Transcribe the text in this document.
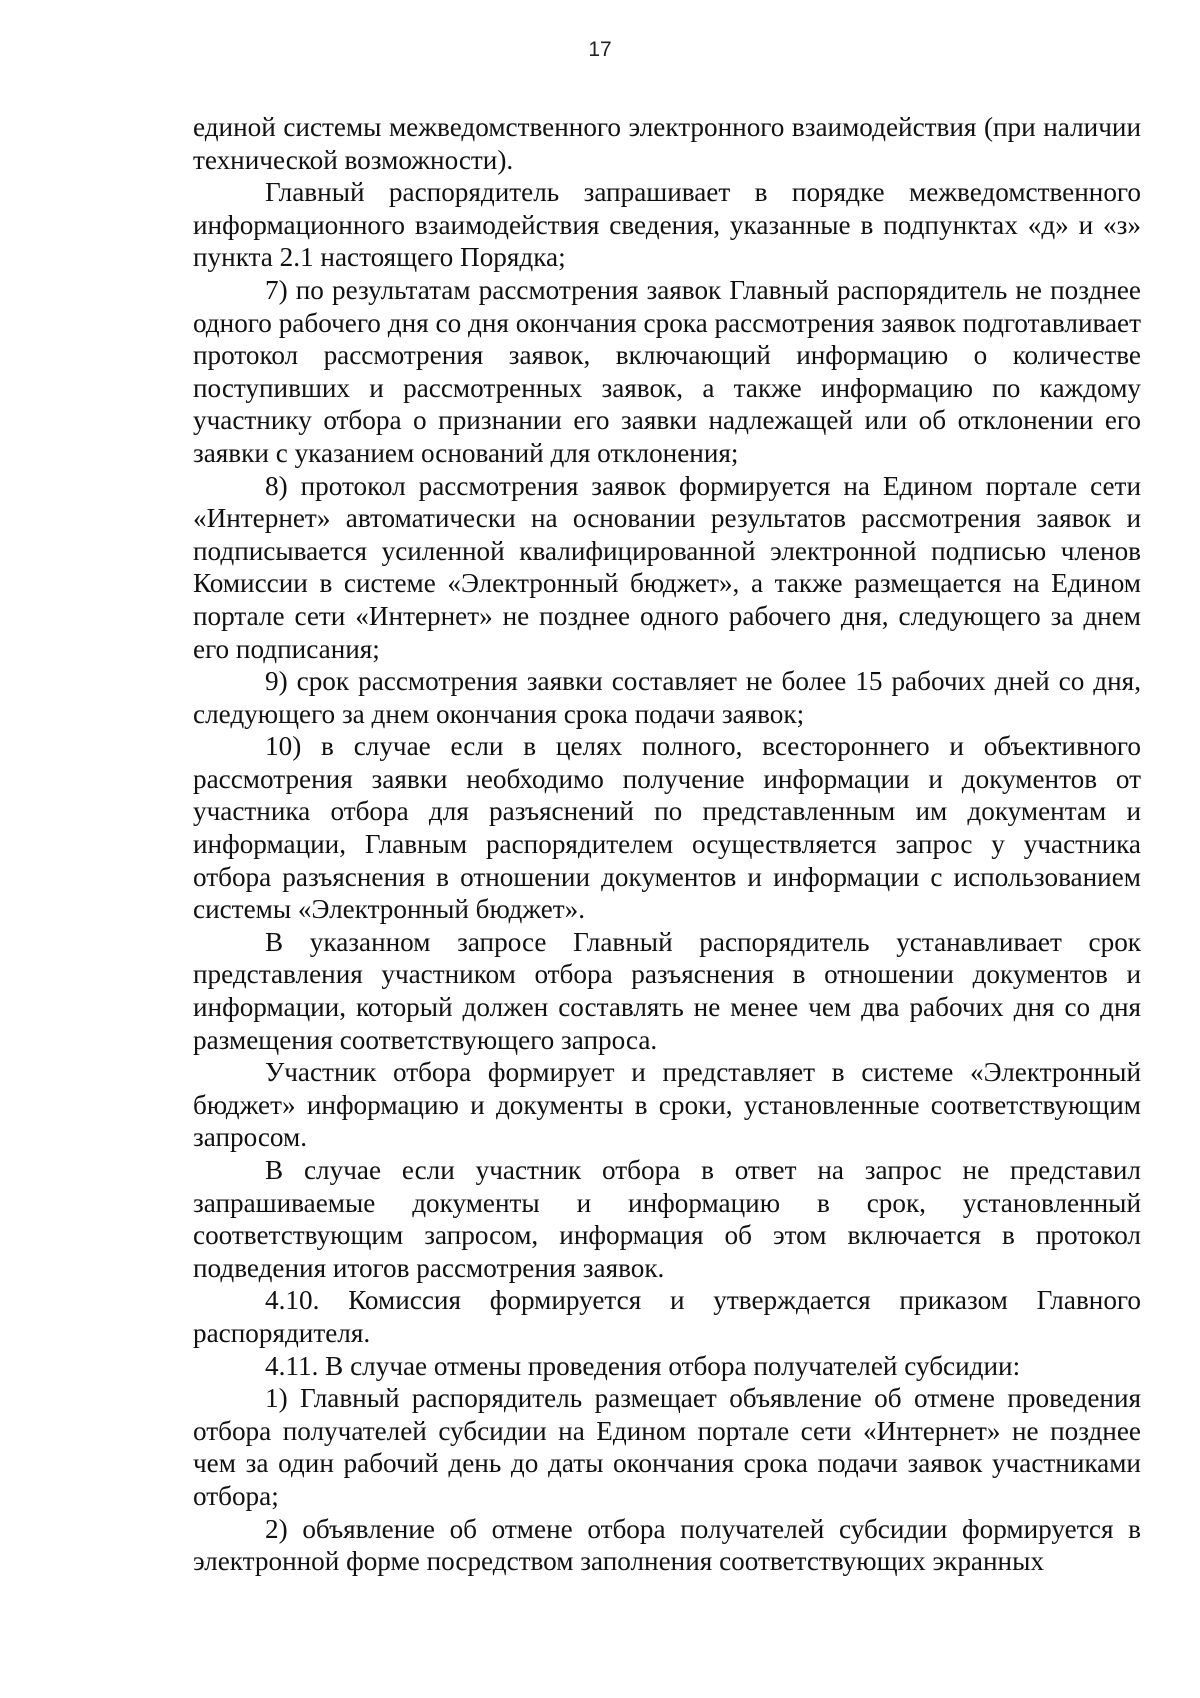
17

единой системы межведомственного электронного взаимодействия (при наличии технической возможности).

Главный распорядитель запрашивает в порядке межведомственного информационного взаимодействия сведения, указанные в подпунктах «д» и «з» пункта 2.1 настоящего Порядка;

7) по результатам рассмотрения заявок Главный распорядитель не позднее одного рабочего дня со дня окончания срока рассмотрения заявок подготавливает протокол рассмотрения заявок, включающий информацию о количестве поступивших и рассмотренных заявок, а также информацию по каждому участнику отбора о признании его заявки надлежащей или об отклонении его заявки с указанием оснований для отклонения;

8) протокол рассмотрения заявок формируется на Едином портале сети «Интернет» автоматически на основании результатов рассмотрения заявок и подписывается усиленной квалифицированной электронной подписью членов Комиссии в системе «Электронный бюджет», а также размещается на Едином портале сети «Интернет» не позднее одного рабочего дня, следующего за днем его подписания;

9) срок рассмотрения заявки составляет не более 15 рабочих дней со дня, следующего за днем окончания срока подачи заявок;

10) в случае если в целях полного, всестороннего и объективного рассмотрения заявки необходимо получение информации и документов от участника отбора для разъяснений по представленным им документам и информации, Главным распорядителем осуществляется запрос у участника отбора разъяснения в отношении документов и информации с использованием системы «Электронный бюджет».

В указанном запросе Главный распорядитель устанавливает срок представления участником отбора разъяснения в отношении документов и информации, который должен составлять не менее чем два рабочих дня со дня размещения соответствующего запроса.

Участник отбора формирует и представляет в системе «Электронный бюджет» информацию и документы в сроки, установленные соответствующим запросом.

В случае если участник отбора в ответ на запрос не представил запрашиваемые документы и информацию в срок, установленный соответствующим запросом, информация об этом включается в протокол подведения итогов рассмотрения заявок.

4.10. Комиссия формируется и утверждается приказом Главного распорядителя.

4.11. В случае отмены проведения отбора получателей субсидии:

1) Главный распорядитель размещает объявление об отмене проведения отбора получателей субсидии на Едином портале сети «Интернет» не позднее чем за один рабочий день до даты окончания срока подачи заявок участниками отбора;

2) объявление об отмене отбора получателей субсидии формируется в электронной форме посредством заполнения соответствующих экранных
